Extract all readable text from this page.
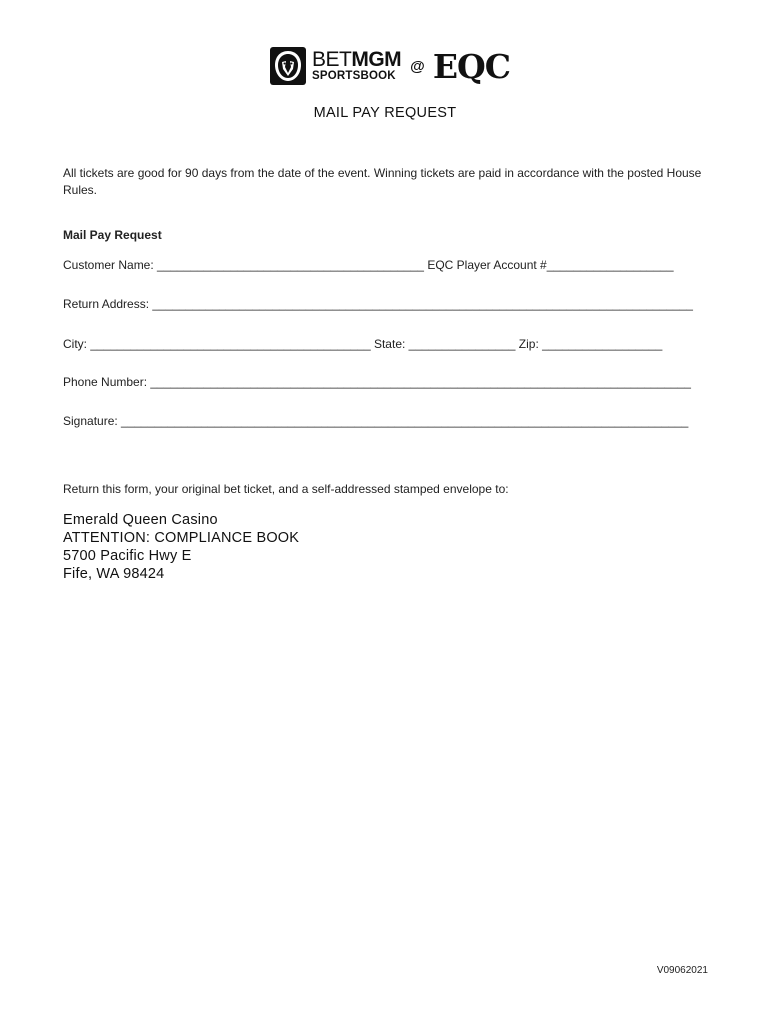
BETMGM
SPORTSBOOK
@ EQC
MAIL PAY REQUEST
All tickets are good for 90 days from the date of the event. Winning tickets are paid in accordance with the posted House Rules.
Mail Pay Request
Customer Name: ________________________________________ EQC Player Account #___________________
Return Address: _________________________________________________________________________________
City: __________________________________________ State: ________________ Zip: __________________
Phone Number: _________________________________________________________________________________
Signature: _____________________________________________________________________________________
Return this form, your original bet ticket, and a self-addressed stamped envelope to:
Emerald Queen Casino
ATTENTION: COMPLIANCE BOOK
5700 Pacific Hwy E
Fife, WA 98424
V09062021
